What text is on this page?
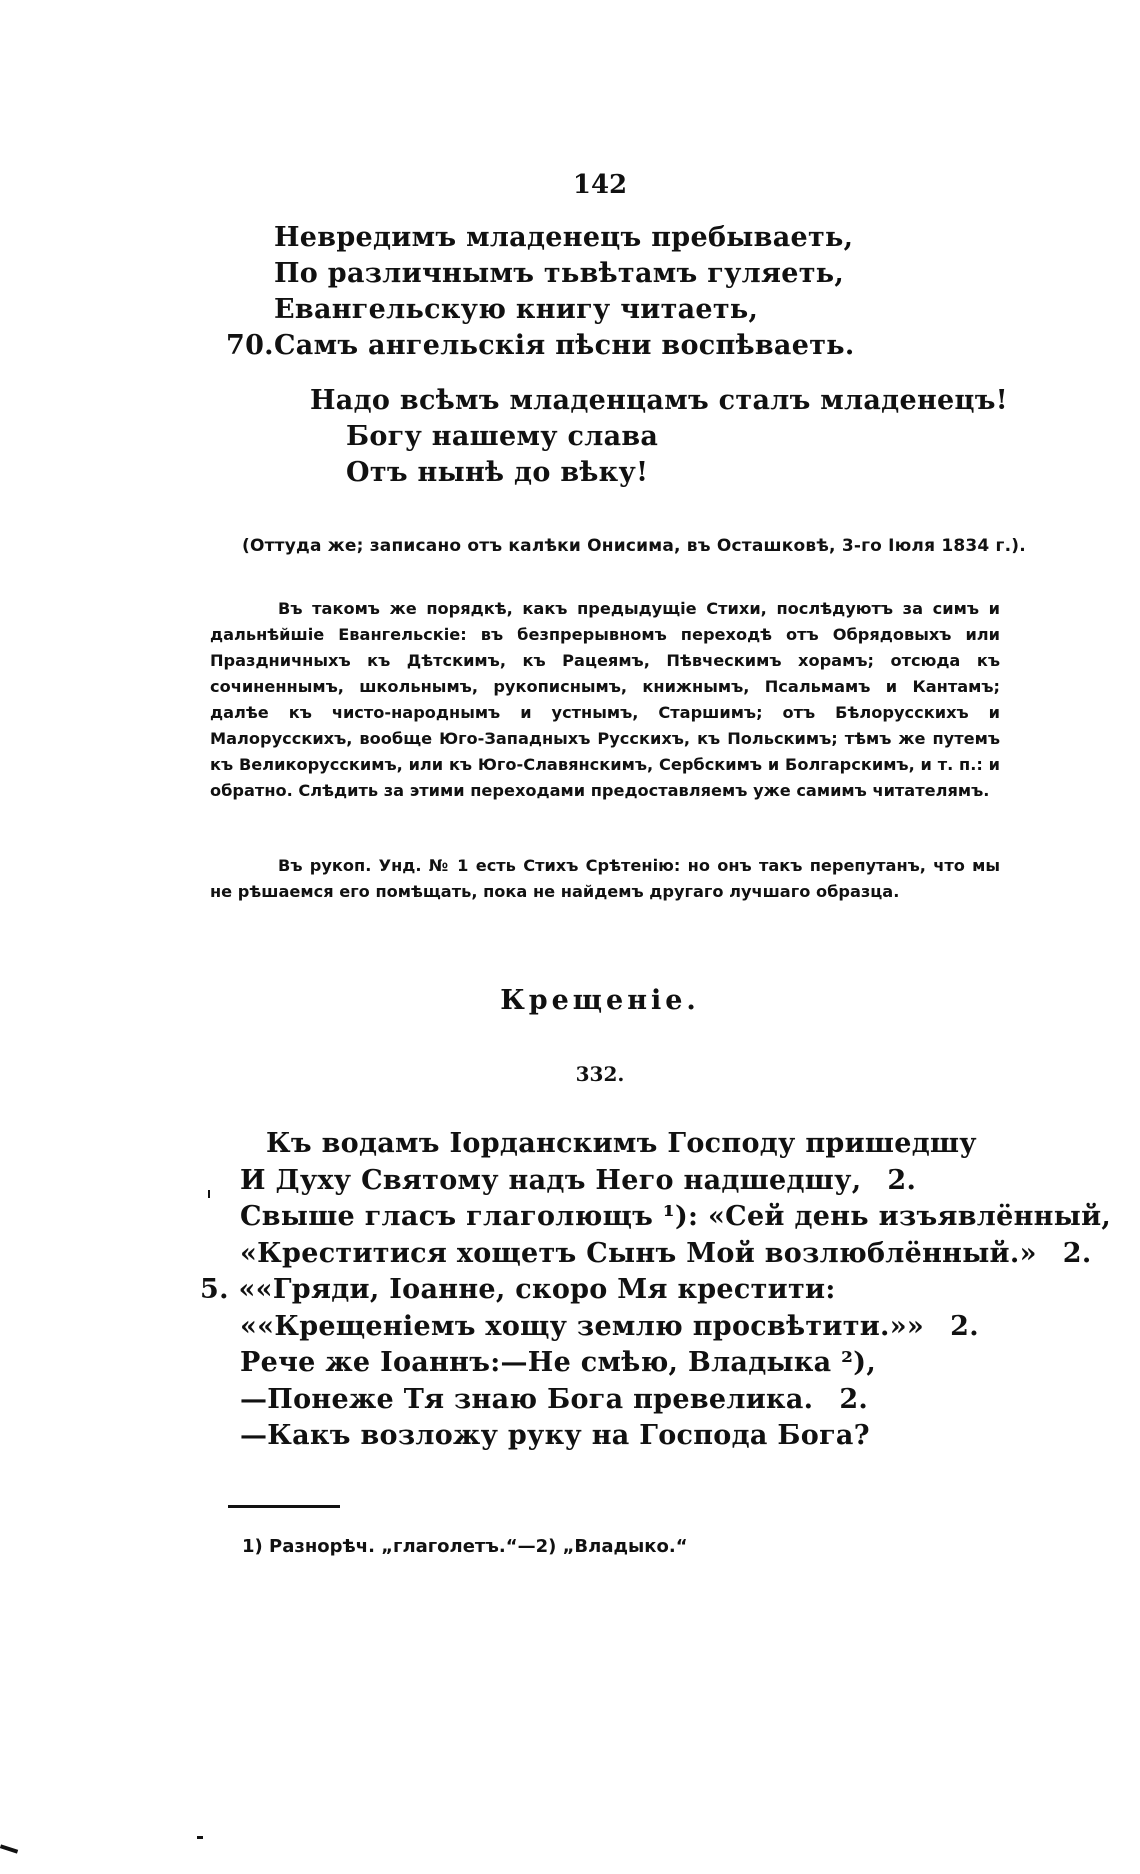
142
Невредимъ младенецъ пребываеть,
По различнымъ тьвѣтамъ гуляеть,
Евангельскую книгу читаеть,
70.Самъ ангельскія пѣсни воспѣваеть.
Надо всѣмъ младенцамъ сталъ младенецъ!
Богу нашему слава
Отъ нынѣ до вѣку!
(Оттуда же; записано отъ калѣки Онисима, въ Осташковѣ, 3-го Іюля 1834 г.).
Въ такомъ же порядкѣ, какъ предыдущіе Стихи, послѣдуютъ за симъ и дальнѣйшіе Евангельскіе: въ безпрерывномъ переходѣ отъ Обрядовыхъ или Праздничныхъ къ Дѣтскимъ, къ Рацеямъ, Пѣвческимъ хорамъ; отсюда къ сочиненнымъ, школьнымъ, рукописнымъ, книжнымъ, Псальмамъ и Кантамъ; далѣе къ чисто-народнымъ и устнымъ, Старшимъ; отъ Бѣлорусскихъ и Малорусскихъ, вообще Юго-Западныхъ Русскихъ, къ Польскимъ; тѣмъ же путемъ къ Великорусскимъ, или къ Юго-Славянскимъ, Сербскимъ и Болгарскимъ, и т. п.: и обратно. Слѣдить за этими переходами предоставляемъ уже самимъ читателямъ.
Въ рукоп. Унд. № 1 есть Стихъ Срѣтенію: но онъ такъ перепутанъ, что мы не рѣшаемся его помѣщать, пока не найдемъ другаго лучшаго образца.
Крещеніе.
332.
Къ водамъ Іорданскимъ Господу пришедшу
И Духу Святому надъ Него надшедшу, 2.
Свыше гласъ глаголющъ ¹): «Сей день изъявлённый,
«Креститися хощетъ Сынъ Мой возлюблённый.» 2.
5. ««Гряди, Іоанне, скоро Мя крестити:
««Крещеніемъ хощу землю просвѣтити.»» 2.
Рече же Іоаннъ:—Не смѣю, Владыка ²),
—Понеже Тя знаю Бога превелика. 2.
—Какъ возложу руку на Господа Бога?
1) Разнорѣч. „глаголетъ.“—2) „Владыко.“
